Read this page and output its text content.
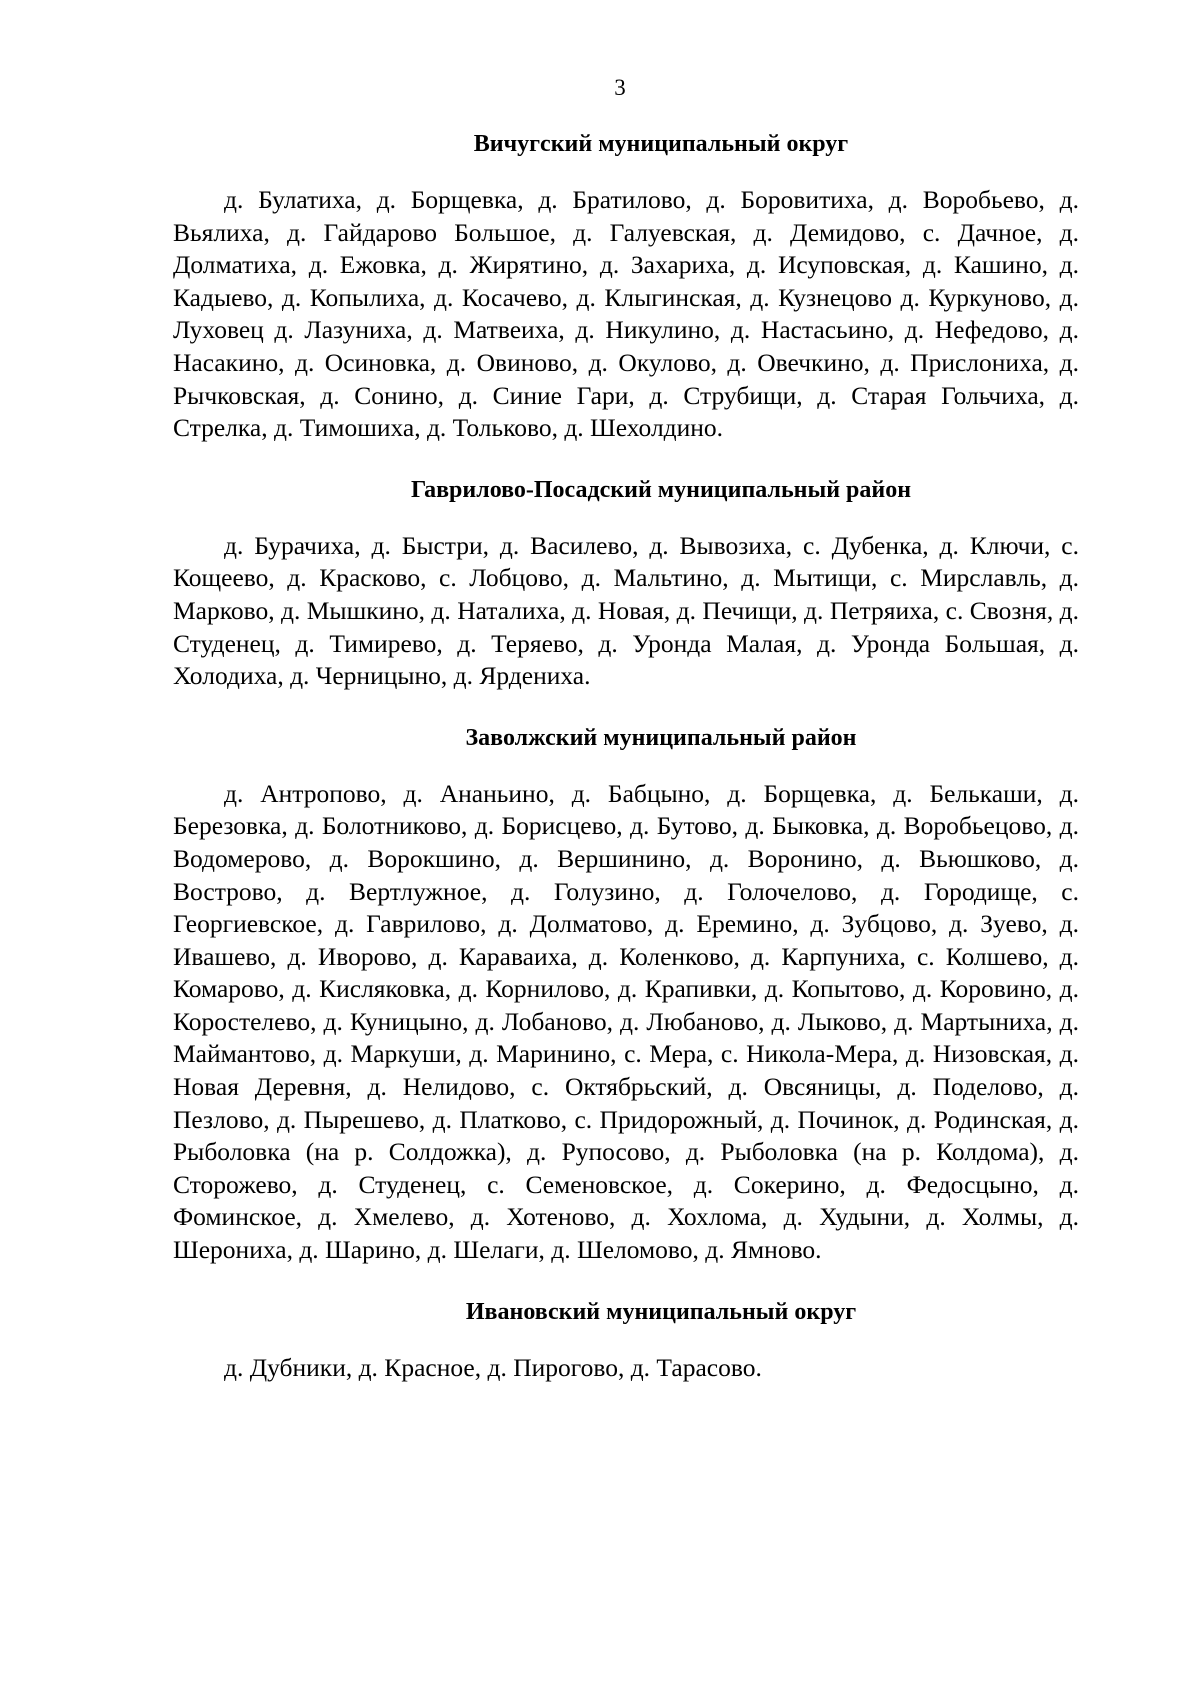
3
Вичугский муниципальный округ

д. Булатиха, д. Борщевка, д. Братилово, д. Боровитиха, д. Воробьево, д. Вьялиха, д. Гайдарово Большое, д. Галуевская, д. Демидово, с. Дачное, д. Долматиха, д. Ежовка, д. Жирятино, д. Захариха, д. Исуповская, д. Кашино, д. Кадыево, д. Копылиха, д. Косачево, д. Клыгинская, д. Кузнецово д. Куркуново, д. Луховец д. Лазуниха, д. Матвеиха, д. Никулино, д. Настасьино, д. Нефедово, д. Насакино, д. Осиновка, д. Овиново, д. Окулово, д. Овечкино, д. Прислониха, д. Рычковская, д. Сонино, д. Синие Гари, д. Струбищи, д. Старая Гольчиха, д. Стрелка, д. Тимошиха, д. Тольково, д. Шехолдино.

Гаврилово-Посадский муниципальный район

д. Бурачиха, д. Быстри, д. Василево, д. Вывозиха, с. Дубенка, д. Ключи, с. Кощеево, д. Красково, с. Лобцово, д. Мальтино, д. Мытищи, с. Мирславль, д. Марково, д. Мышкино, д. Наталиха, д. Новая, д. Печищи, д. Петряиха, с. Свозня, д. Студенец, д. Тимирево, д. Теряево, д. Уронда Малая, д. Уронда Большая, д. Холодиха, д. Черницыно, д. Ярдениха.

Заволжский муниципальный район

д. Антропово, д. Ананьино, д. Бабцыно, д. Борщевка, д. Белькаши, д. Березовка, д. Болотниково, д. Борисцево, д. Бутово, д. Быковка, д. Воробьецово, д. Водомерово, д. Ворокшино, д. Вершинино, д. Воронино, д. Вьюшково, д. Вострово, д. Вертлужное, д. Голузино, д. Голочелово, д. Городище, с. Георгиевское, д. Гаврилово, д. Долматово, д. Еремино, д. Зубцово, д. Зуево, д. Ивашево, д. Иворово, д. Караваиха, д. Коленково, д. Карпуниха, с. Колшево, д. Комарово, д. Кисляковка, д. Корнилово, д. Крапивки, д. Копытово, д. Коровино, д. Коростелево, д. Куницыно, д. Лобаново, д. Любаново, д. Лыково, д. Мартыниха, д. Маймантово, д. Маркуши, д. Маринино, с. Мера, с. Никола-Мера, д. Низовская, д. Новая Деревня, д. Нелидово, с. Октябрьский, д. Овсяницы, д. Поделово, д. Пезлово, д. Пырешево, д. Платково, с. Придорожный, д. Починок, д. Родинская, д. Рыболовка (на р. Солдожка), д. Рупосово, д. Рыболовка (на р. Колдома), д. Сторожево, д. Студенец, с. Семеновское, д. Сокерино, д. Федосцыно, д. Фоминское, д. Хмелево, д. Хотеново, д. Хохлома, д. Худыни, д. Холмы, д. Шерониха, д. Шарино, д. Шелаги, д. Шеломово, д. Ямново.

Ивановский муниципальный округ

д. Дубники, д. Красное, д. Пирогово, д. Тарасово.
